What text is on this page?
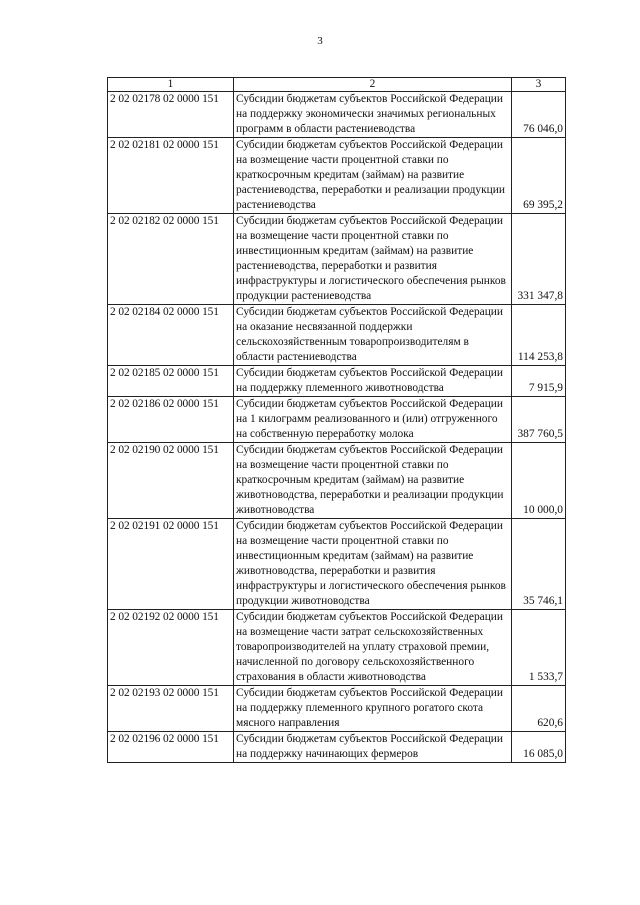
3
1	2	3
2 02 02178 02 0000 151	Субсидии бюджетам субъектов Российской Федерации на поддержку экономически значимых региональных программ в области растениеводства	76 046,0
2 02 02181 02 0000 151	Субсидии бюджетам субъектов Российской Федерации на возмещение части процентной ставки по краткосрочным кредитам (займам) на развитие растениеводства, переработки и реализации продукции растениеводства	69 395,2
2 02 02182 02 0000 151	Субсидии бюджетам субъектов Российской Федерации на возмещение части процентной ставки по инвестиционным кредитам (займам) на развитие растениеводства, переработки и развития инфраструктуры и логистического обеспечения рынков продукции растениеводства	331 347,8
2 02 02184 02 0000 151	Субсидии бюджетам субъектов Российской Федерации на оказание несвязанной поддержки сельскохозяйственным товаропроизводителям в области растениеводства	114 253,8
2 02 02185 02 0000 151	Субсидии бюджетам субъектов Российской Федерации на поддержку племенного животноводства	7 915,9
2 02 02186 02 0000 151	Субсидии бюджетам субъектов Российской Федерации на 1 килограмм реализованного и (или) отгруженного на собственную переработку молока	387 760,5
2 02 02190 02 0000 151	Субсидии бюджетам субъектов Российской Федерации на возмещение части процентной ставки по краткосрочным кредитам (займам) на развитие животноводства, переработки и реализации продукции животноводства	10 000,0
2 02 02191 02 0000 151	Субсидии бюджетам субъектов Российской Федерации на возмещение части процентной ставки по инвестиционным кредитам (займам) на развитие животноводства, переработки и развития инфраструктуры и логистического обеспечения рынков продукции животноводства	35 746,1
2 02 02192 02 0000 151	Субсидии бюджетам субъектов Российской Федерации на возмещение части затрат сельскохозяйственных товаропроизводителей на уплату страховой премии, начисленной по договору сельскохозяйственного страхования в области животноводства	1 533,7
2 02 02193 02 0000 151	Субсидии бюджетам субъектов Российской Федерации на поддержку племенного крупного рогатого скота мясного направления	620,6
2 02 02196 02 0000 151	Субсидии бюджетам субъектов Российской Федерации на поддержку начинающих фермеров	16 085,0
